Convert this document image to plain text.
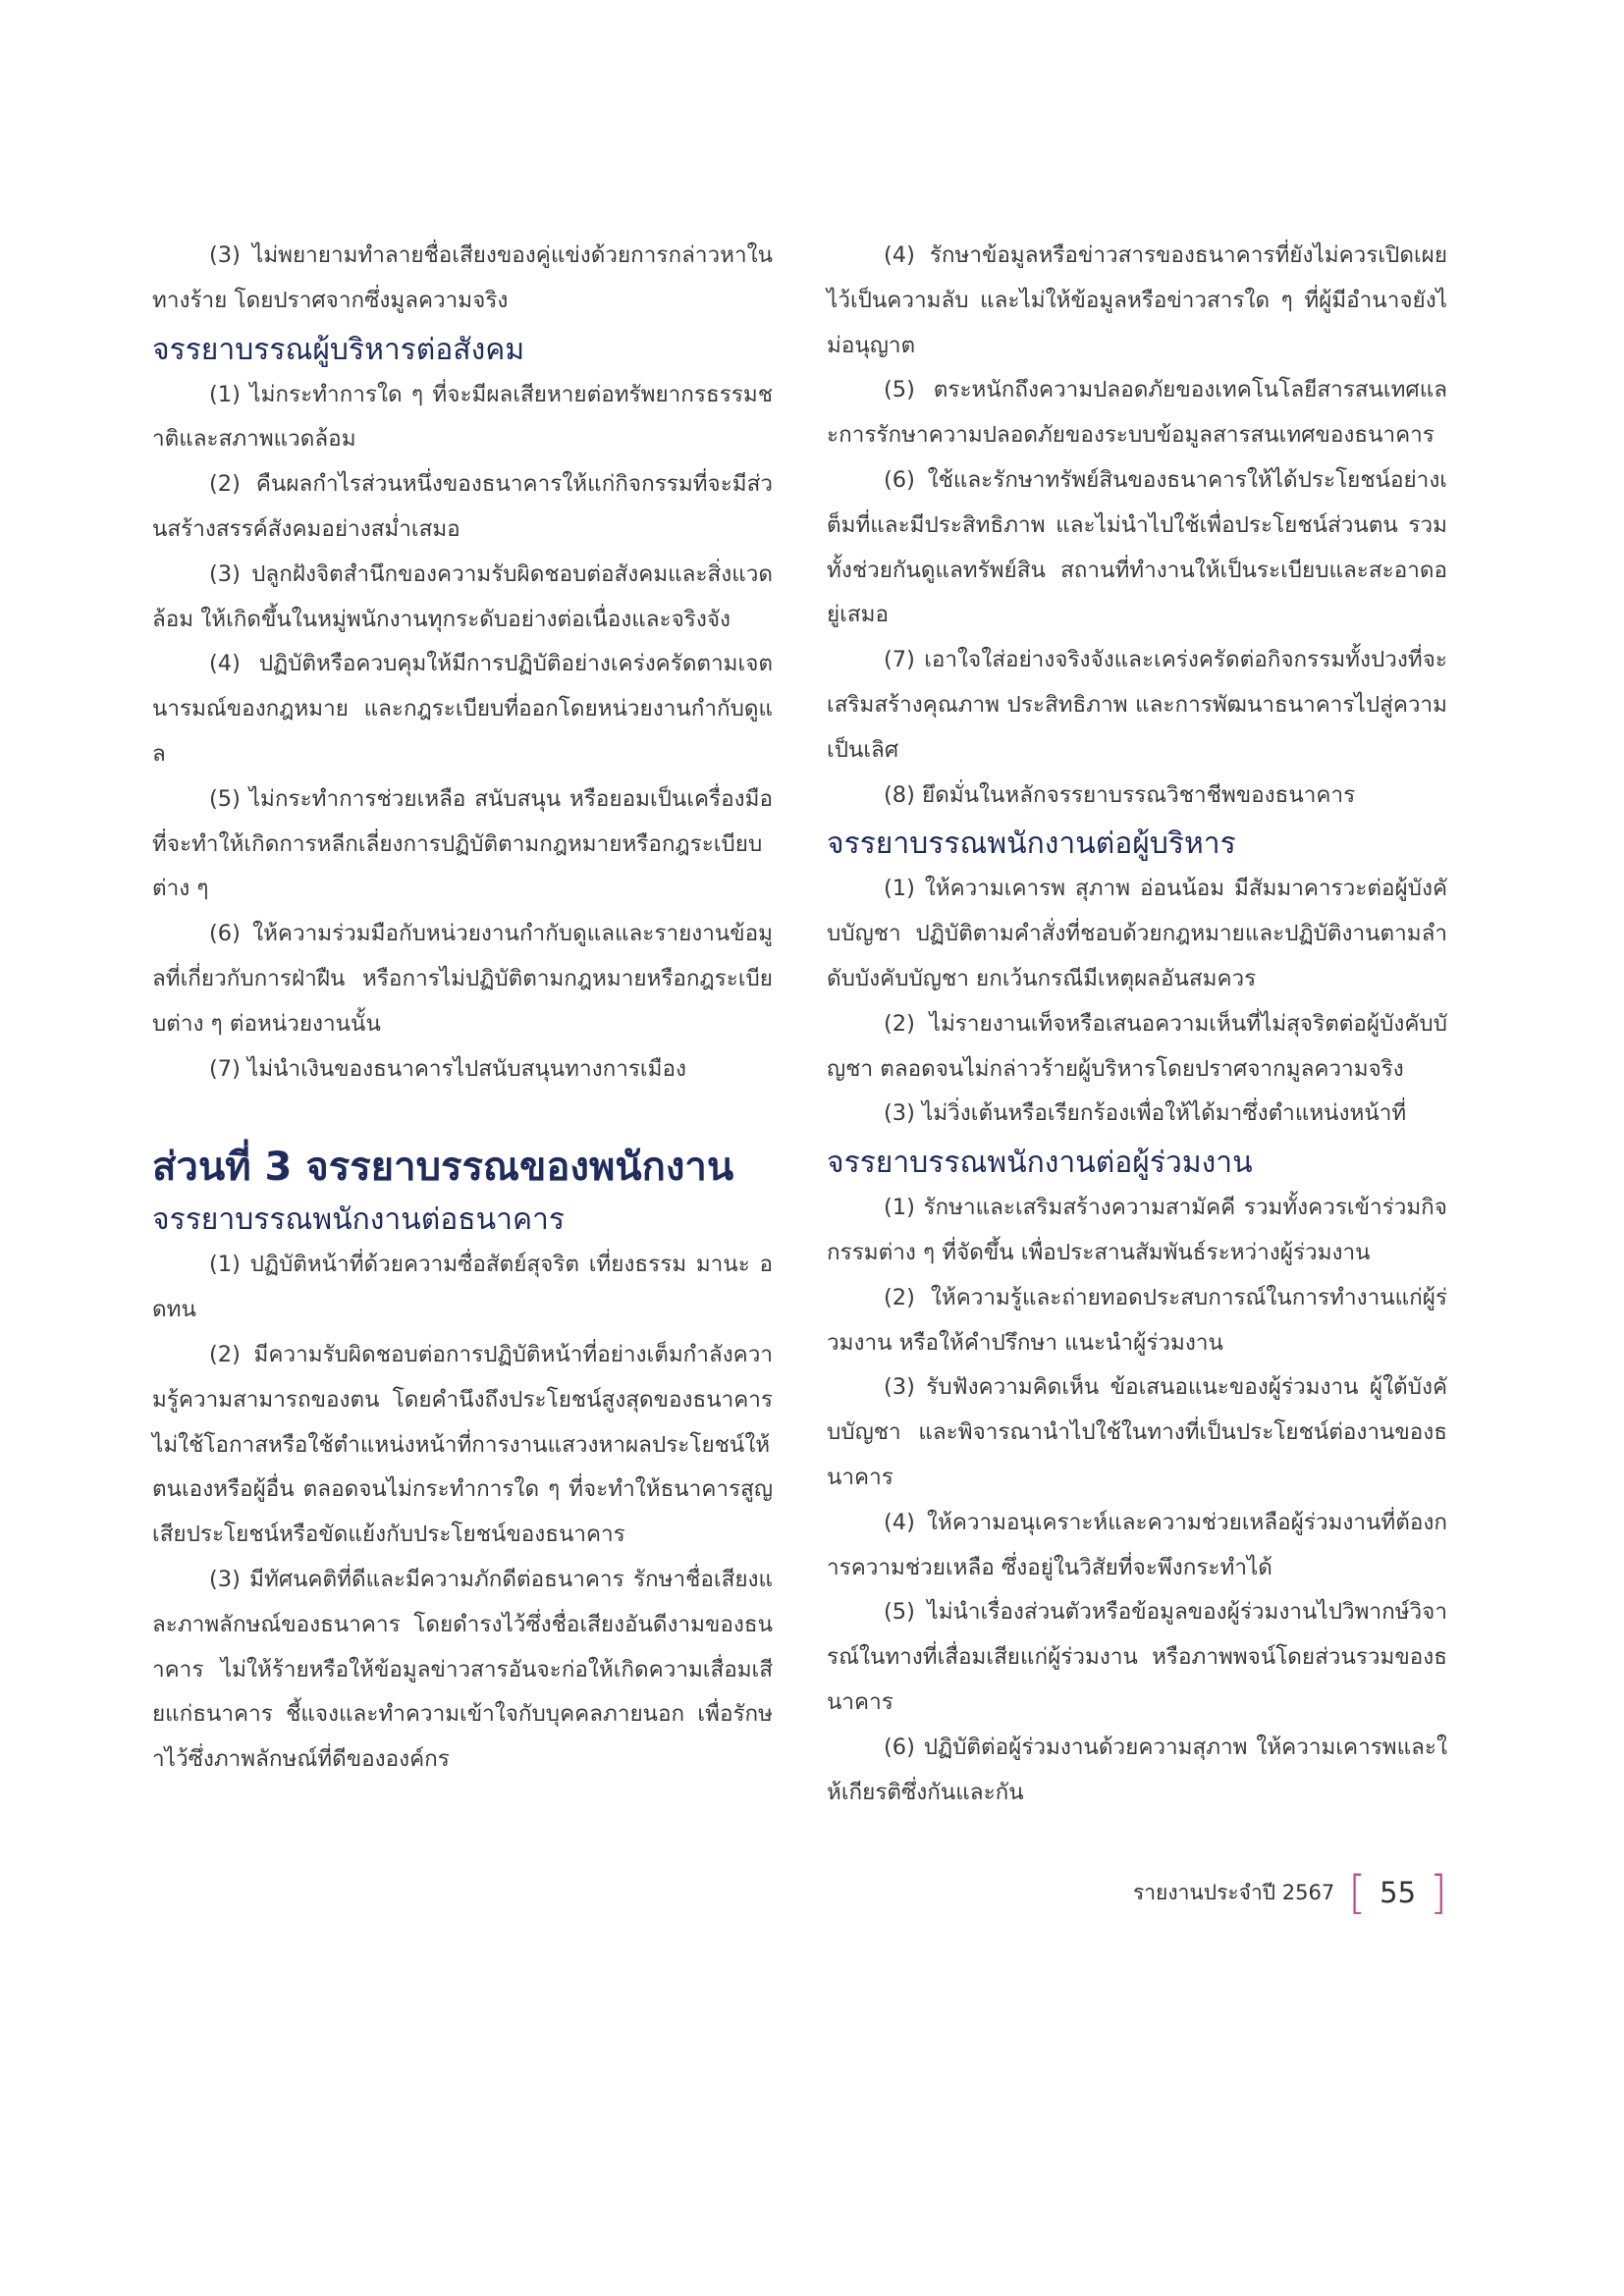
(3) ไม่พยายามทำลายชื่อเสียงของคู่แข่งด้วยการกล่าวหาในทางร้าย โดยปราศจากซึ่งมูลความจริง

จรรยาบรรณผู้บริหารต่อสังคม

(1) ไม่กระทำการใด ๆ ที่จะมีผลเสียหายต่อทรัพยากรธรรมชาติและสภาพแวดล้อม

(2) คืนผลกำไรส่วนหนึ่งของธนาคารให้แก่กิจกรรมที่จะมีส่วนสร้างสรรค์สังคมอย่างสม่ำเสมอ

(3) ปลูกฝังจิตสำนึกของความรับผิดชอบต่อสังคมและสิ่งแวดล้อม ให้เกิดขึ้นในหมู่พนักงานทุกระดับอย่างต่อเนื่องและจริงจัง

(4) ปฏิบัติหรือควบคุมให้มีการปฏิบัติอย่างเคร่งครัดตามเจตนารมณ์ของกฎหมาย และกฎระเบียบที่ออกโดยหน่วยงานกำกับดูแล

(5) ไม่กระทำการช่วยเหลือ สนับสนุน หรือยอมเป็นเครื่องมือ ที่จะทำให้เกิดการหลีกเลี่ยงการปฏิบัติตามกฎหมายหรือกฎระเบียบต่าง ๆ

(6) ให้ความร่วมมือกับหน่วยงานกำกับดูแลและรายงานข้อมูลที่เกี่ยวกับการฝ่าฝืน หรือการไม่ปฏิบัติตามกฎหมายหรือกฎระเบียบต่าง ๆ ต่อหน่วยงานนั้น

(7) ไม่นำเงินของธนาคารไปสนับสนุนทางการเมือง

ส่วนที่ 3 จรรยาบรรณของพนักงาน
จรรยาบรรณพนักงานต่อธนาคาร

(1) ปฏิบัติหน้าที่ด้วยความซื่อสัตย์สุจริต เที่ยงธรรม มานะ อดทน

(2) มีความรับผิดชอบต่อการปฏิบัติหน้าที่อย่างเต็มกำลังความรู้ความสามารถของตน โดยคำนึงถึงประโยชน์สูงสุดของธนาคาร ไม่ใช้โอกาสหรือใช้ตำแหน่งหน้าที่การงานแสวงหาผลประโยชน์ให้ตนเองหรือผู้อื่น ตลอดจนไม่กระทำการใด ๆ ที่จะทำให้ธนาคารสูญเสียประโยชน์หรือขัดแย้งกับประโยชน์ของธนาคาร

(3) มีทัศนคติที่ดีและมีความภักดีต่อธนาคาร รักษาชื่อเสียงและภาพลักษณ์ของธนาคาร โดยดำรงไว้ซึ่งชื่อเสียงอันดีงามของธนาคาร ไม่ให้ร้ายหรือให้ข้อมูลข่าวสารอันจะก่อให้เกิดความเสื่อมเสียแก่ธนาคาร ชี้แจงและทำความเข้าใจกับบุคคลภายนอก เพื่อรักษาไว้ซึ่งภาพลักษณ์ที่ดีขององค์กร

(4) รักษาข้อมูลหรือข่าวสารของธนาคารที่ยังไม่ควรเปิดเผยไว้เป็นความลับ และไม่ให้ข้อมูลหรือข่าวสารใด ๆ ที่ผู้มีอำนาจยังไม่อนุญาต

(5) ตระหนักถึงความปลอดภัยของเทคโนโลยีสารสนเทศและการรักษาความปลอดภัยของระบบข้อมูลสารสนเทศของธนาคาร

(6) ใช้และรักษาทรัพย์สินของธนาคารให้ได้ประโยชน์อย่างเต็มที่และมีประสิทธิภาพ และไม่นำไปใช้เพื่อประโยชน์ส่วนตน รวมทั้งช่วยกันดูแลทรัพย์สิน สถานที่ทำงานให้เป็นระเบียบและสะอาดอยู่เสมอ

(7) เอาใจใส่อย่างจริงจังและเคร่งครัดต่อกิจกรรมทั้งปวงที่จะเสริมสร้างคุณภาพ ประสิทธิภาพ และการพัฒนาธนาคารไปสู่ความเป็นเลิศ

(8) ยึดมั่นในหลักจรรยาบรรณวิชาชีพของธนาคาร

จรรยาบรรณพนักงานต่อผู้บริหาร

(1) ให้ความเคารพ สุภาพ อ่อนน้อม มีสัมมาคารวะต่อผู้บังคับบัญชา ปฏิบัติตามคำสั่งที่ชอบด้วยกฎหมายและปฏิบัติงานตามลำดับบังคับบัญชา ยกเว้นกรณีมีเหตุผลอันสมควร

(2) ไม่รายงานเท็จหรือเสนอความเห็นที่ไม่สุจริตต่อผู้บังคับบัญชา ตลอดจนไม่กล่าวร้ายผู้บริหารโดยปราศจากมูลความจริง

(3) ไม่วิ่งเต้นหรือเรียกร้องเพื่อให้ได้มาซึ่งตำแหน่งหน้าที่

จรรยาบรรณพนักงานต่อผู้ร่วมงาน

(1) รักษาและเสริมสร้างความสามัคคี รวมทั้งควรเข้าร่วมกิจกรรมต่าง ๆ ที่จัดขึ้น เพื่อประสานสัมพันธ์ระหว่างผู้ร่วมงาน

(2) ให้ความรู้และถ่ายทอดประสบการณ์ในการทำงานแก่ผู้ร่วมงาน หรือให้คำปรึกษา แนะนำผู้ร่วมงาน

(3) รับฟังความคิดเห็น ข้อเสนอแนะของผู้ร่วมงาน ผู้ใต้บังคับบัญชา และพิจารณานำไปใช้ในทางที่เป็นประโยชน์ต่องานของธนาคาร

(4) ให้ความอนุเคราะห์และความช่วยเหลือผู้ร่วมงานที่ต้องการความช่วยเหลือ ซึ่งอยู่ในวิสัยที่จะพึงกระทำได้

(5) ไม่นำเรื่องส่วนตัวหรือข้อมูลของผู้ร่วมงานไปวิพากษ์วิจารณ์ในทางที่เสื่อมเสียแก่ผู้ร่วมงาน หรือภาพพจน์โดยส่วนรวมของธนาคาร

(6) ปฏิบัติต่อผู้ร่วมงานด้วยความสุภาพ ให้ความเคารพและให้เกียรติซึ่งกันและกัน

รายงานประจำปี 2567 [ 55 ]
